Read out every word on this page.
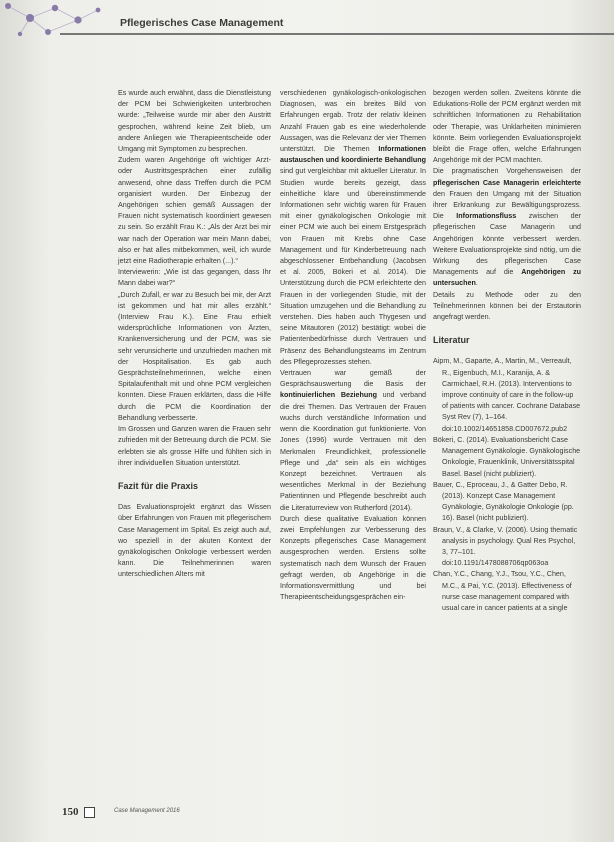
Pflegerisches Case Management

Es wurde auch erwähnt, dass die Dienstleistung der PCM bei Schwierigkeiten unterbrochen wurde: „Teilweise wurde mir aber den Austritt gesprochen, während keine Zeit blieb, um andere Anliegen wie Therapieentscheide oder Umgang mit Symptomen zu besprechen.

Zudem waren Angehörige oft wichtiger Arzt- oder Austrittsgesprächen einer zufällig anwesend, ohne dass Treffen durch die PCM organisiert wurden. Der Einbezug der Angehörigen schien gemäß Aussagen der Frauen nicht systematisch koordiniert gewesen zu sein. So erzählt Frau K.: „Als der Arzt bei mir war nach der Operation war mein Mann dabei, also er hat alles mitbekommen, weil, ich wurde jetzt eine Radiotherapie erhalten (...).“

Interviewerin: „Wie ist das gegangen, dass Ihr Mann dabei war?“

„Durch Zufall, er war zu Besuch bei mir, der Arzt ist gekommen und hat mir alles erzählt.“ (Interview Frau K.). Eine Frau erhielt widersprüchliche Informationen von Ärzten, Krankenversicherung und der PCM, was sie sehr verunsicherte und unzufrieden machen mit der Hospitalisation. Es gab auch Gesprächsteilnehmerinnen, welche einen Spitalaufenthalt mit und ohne PCM vergleichen konnten. Diese Frauen erklärten, dass die Hilfe durch die PCM die Koordination der Behandlung verbesserte.

Im Grossen und Ganzen waren die Frauen sehr zufrieden mit der Betreuung durch die PCM. Sie erlebten sie als grosse Hilfe und fühlten sich in ihrer individuellen Situation unterstützt.

Fazit für die Praxis

Das Evaluationsprojekt ergänzt das Wissen über Erfahrungen von Frauen mit pflegerischem Case Management im Spital. Es zeigt auch auf, wo speziell in der akuten Kontext der gynäkologischen Onkologie verbessert werden kann. Die Teilnehmerinnen waren unterschiedlichen Alters mit

verschiedenen gynäkologisch-onkologischen Diagnosen, was ein breites Bild von Erfahrungen ergab. Trotz der relativ kleinen Anzahl Frauen gab es eine wiederholende Aussagen, was die Relevanz der vier Themen unterstützt. Die Themen Informationen austauschen und koordinierte Behandlung sind gut vergleichbar mit aktueller Literatur. In Studien wurde bereits gezeigt, dass einheitliche klare und übereinstimmende Informationen sehr wichtig waren für Frauen mit einer gynäkologischen Onkologie mit einer PCM wie auch bei einem Erstgespräch von Frauen mit Krebs ohne Case Management und für Kinderbetreuung nach abgeschlossener Entbehandlung (Jacobsen et al. 2005, Bökeri et al. 2014). Die Unterstützung durch die PCM erleichterte den Frauen in der vorliegenden Studie, mit der Situation umzugehen und die Behandlung zu verstehen. Dies haben auch Thygesen und seine Mitautoren (2012) bestätigt: wobei die Patientenbedürfnisse durch Vertrauen und Präsenz des Behandlungsteams im Zentrum des Pflegeprozesses stehen.

Vertrauen war gemäß der Gesprächsauswertung die Basis der kontinuierlichen Beziehung und verband die drei Themen. Das Vertrauen der Frauen wuchs durch verständliche Information und wenn die Koordination gut funktionierte. Von Jones (1996) wurde Vertrauen mit den Merkmalen Freundlichkeit, professionelle Pflege und „da“ sein als ein wichtiges Konzept bezeichnet. Vertrauen als wesentliches Merkmal in der Beziehung Patientinnen und Pflegende beschreibt auch die Literaturreview von Rutherford (2014).

Durch diese qualitative Evaluation können zwei Empfehlungen zur Verbesserung des Konzepts pflegerisches Case Management ausgesprochen werden. Erstens sollte systematisch nach dem Wunsch der Frauen gefragt werden, ob Angehörige in die Informationsvermittlung und bei Therapieentscheidungsgesprächen ein-

bezogen werden sollen. Zweitens könnte die Edukations-Rolle der PCM ergänzt werden mit schriftlichen Informationen zu Rehabilitation oder Therapie, was Unklarheiten minimieren könnte. Beim vorliegenden Evaluationsprojekt bleibt die Frage offen, welche Erfahrungen Angehörige mit der PCM machten.

Die pragmatischen Vorgehensweisen der pflegerischen Case Managerin erleichterte den Frauen den Umgang mit der Situation ihrer Erkrankung zur Bewältigungsprozess. Die Informationsfluss zwischen der pflegerischen Case Managerin und Angehörigen könnte verbessert werden. Weitere Evaluationsprojekte sind nötig, um die Wirkung des pflegerischen Case Managements auf die Angehörigen zu untersuchen.

Details zu Methode oder zu den Teilnehmerinnen können bei der Erstautorin angefragt werden.

Literatur

Aipm, M., Gaparte, A., Martin, M., Verreault, R., Eigenbuch, M.I., Karanija, A. & Carmichael, R.H. (2013). Interventions to improve continuity of care in the follow-up of patients with cancer. Cochrane Database Syst Rev (7), 1–164. doi:10.1002/14651858.CD007672.pub2

Bökeri, C. (2014). Evaluationsbericht Case Management Gynäkologie. Gynäkologische Onkologie, Frauenklinik, Universitätsspital Basel. Basel (nicht publiziert).

Bauer, C., Eproceau, J., & Gatter Debo, R. (2013). Konzept Case Management Gynäkologie, Gynäkologie Onkologie (pp. 16). Basel (nicht publiziert).

Braun, V., & Clarke, V. (2006). Using thematic analysis in psychology. Qual Res Psychol, 3, 77–101. doi:10.1191/1478088706qp063oa

Chan, Y.C., Chang, Y.J., Tsou, Y.C., Chen, M.C., & Pai, Y.C. (2013). Effectiveness of nurse case management compared with usual care in cancer patients at a single

150	Case Management 2016
